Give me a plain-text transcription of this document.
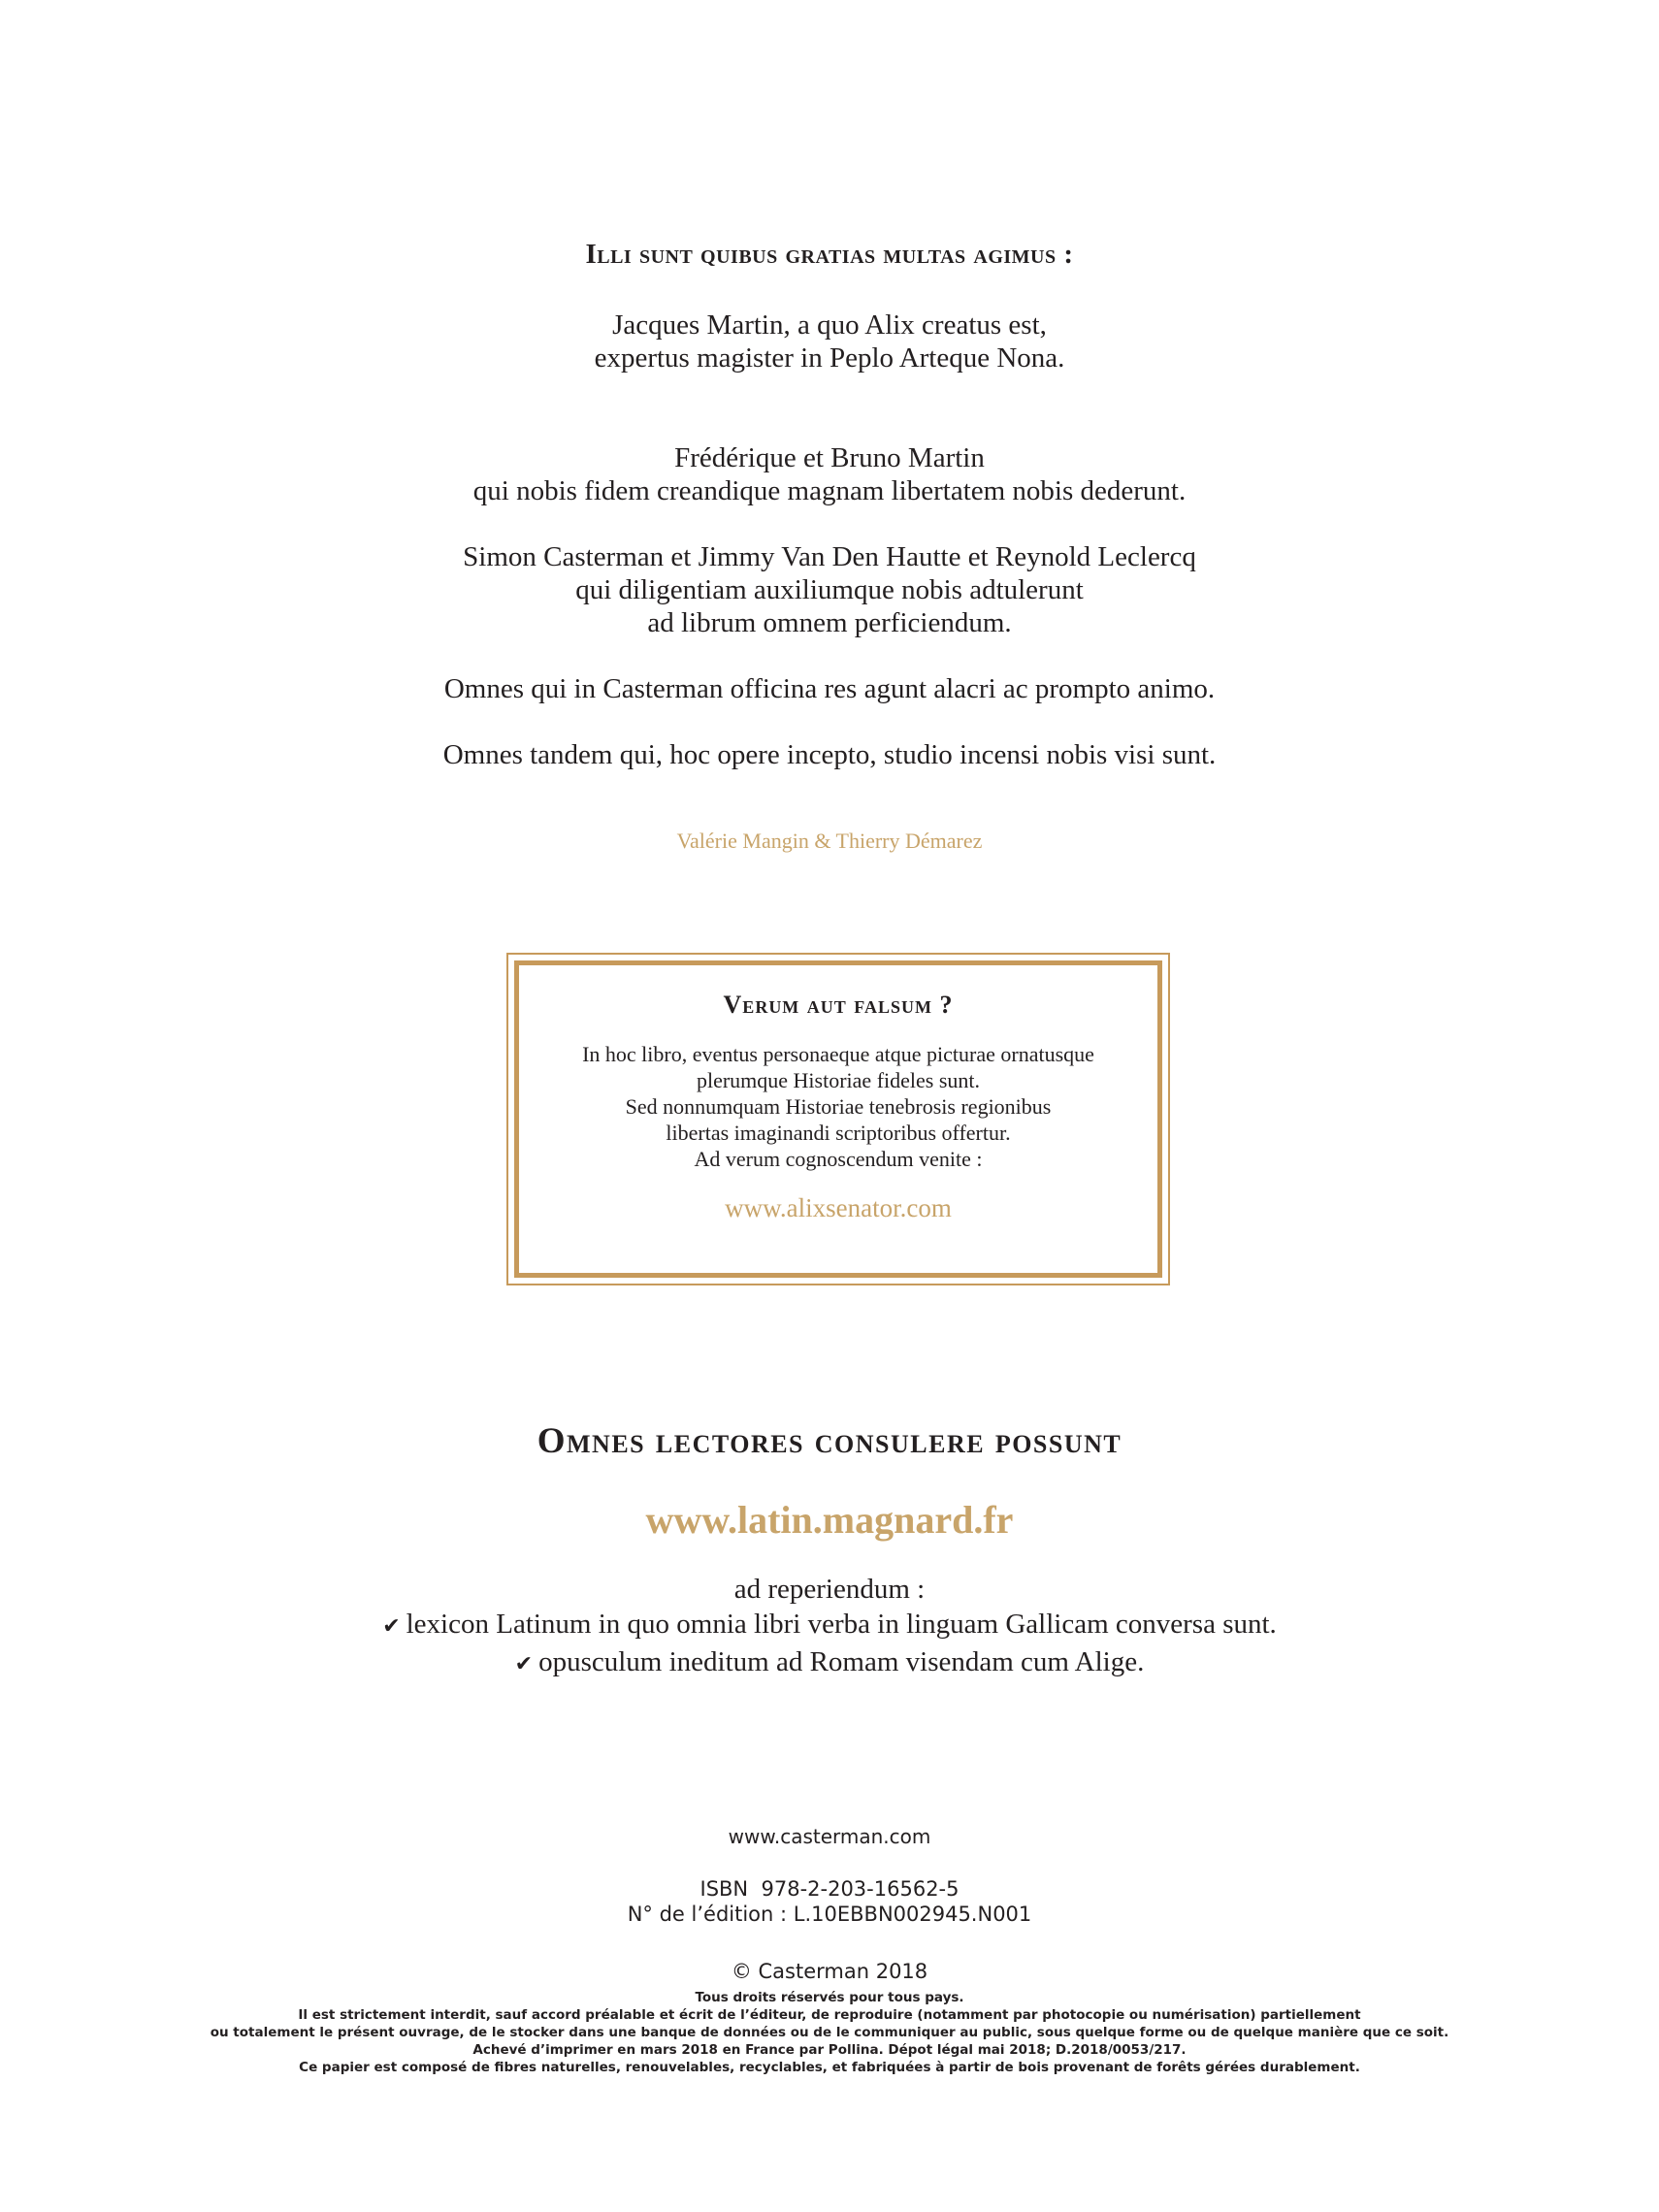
Illi sunt quibus gratias multas agimus :
Jacques Martin, a quo Alix creatus est,
expertus magister in Peplo Arteque Nona.
Frédérique et Bruno Martin
qui nobis fidem creandique magnam libertatem nobis dederunt.
Simon Casterman et Jimmy Van Den Hautte et Reynold Leclercq
qui diligentiam auxiliumque nobis adtulerunt
ad librum omnem perficiendum.
Omnes qui in Casterman officina res agunt alacri ac prompto animo.
Omnes tandem qui, hoc opere incepto, studio incensi nobis visi sunt.
Valérie Mangin & Thierry Démarez
Verum aut falsum ?
In hoc libro, eventus personaeque atque picturae ornatusque
plerumque Historiae fideles sunt.
Sed nonnumquam Historiae tenebrosis regionibus
libertas imaginandi scriptoribus offertur.
Ad verum cognoscendum venite :
www.alixsenator.com
Omnes lectores consulere possunt
www.latin.magnard.fr
ad reperiendum :
✔ lexicon Latinum in quo omnia libri verba in linguam Gallicam conversa sunt.
✔ opusculum ineditum ad Romam visendam cum Alige.
www.casterman.com
ISBN  978-2-203-16562-5
N° de l’édition : L.10EBBN002945.N001
© Casterman 2018
Tous droits réservés pour tous pays.
Il est strictement interdit, sauf accord préalable et écrit de l’éditeur, de reproduire (notamment par photocopie ou numérisation) partiellement
ou totalement le présent ouvrage, de le stocker dans une banque de données ou de le communiquer au public, sous quelque forme ou de quelque manière que ce soit.
Achevé d’imprimer en mars 2018 en France par Pollina. Dépot légal mai 2018; D.2018/0053/217.
Ce papier est composé de fibres naturelles, renouvelables, recyclables, et fabriquées à partir de bois provenant de forêts gérées durablement.
